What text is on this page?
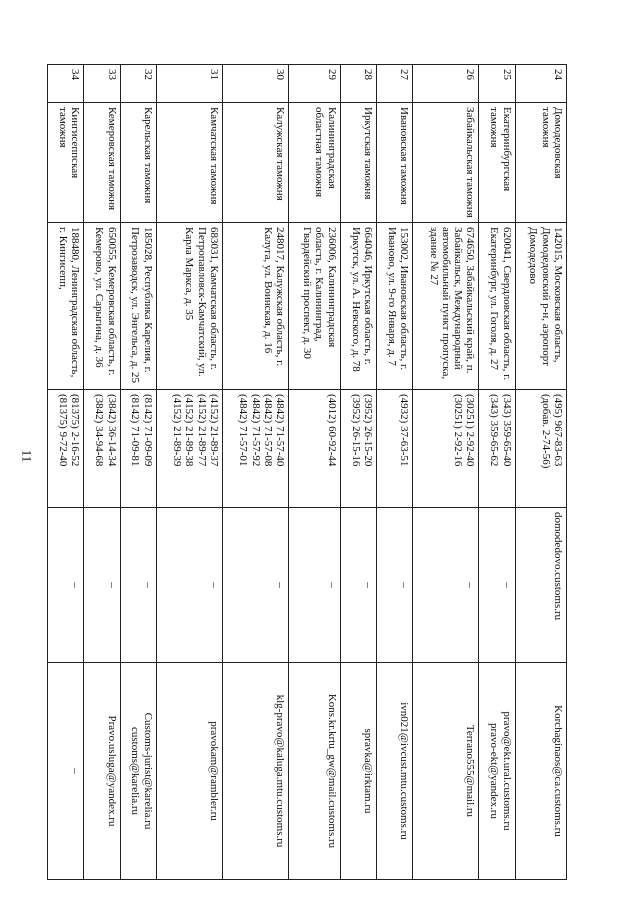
11
24	Домодедовская таможня	142015, Московская область, Домодедовский р-н, аэропорт Домодедово	(495) 967-83-63
(добав. 2-74-56)	domodedovo.customs.ru	Korchaginaos@ca.customs.ru

25	Екатеринбургская таможня	620041, Свердловская область, г. Екатеринбург, ул. Гоголя, д. 27	(343) 359-65-40
(343) 359-65-62	–	pravo@ekt.ural.customs.ru
pravo-ekt@yandex.ru

26	Забайкальская таможня	674650, Забайкальский край, п. Забайкальск, Международный автомобильный пункт пропуска, здание № 27	(30251) 2-92-40
(30251) 2-92-16	–	Terrano555@mail.ru

27	Ивановская таможня	153002, Ивановская область, г. Иваново, ул. 9-го Января, д. 7	(4932) 37-63-51	–	ivn021@ivcust.mtu.customs.ru

28	Иркутская таможня	664046, Иркутская область, г. Иркутск, ул. А. Невского, д. 78	(3952) 26-15-20
(3952) 26-15-16	–	spravka@irktam.ru

29	Калининградская областная таможня	236006, Калининградская область, г. Калининград, Гвардейский проспект, д. 30	(4012) 60-92-44	–	Kons.kr.krtu_gw@mail.customs.ru

30	Калужская таможня	248017, Калужская область, г. Калуга, ул. Воинская, д. 16	(4842) 71-57-40
(4842) 71-57-08
(4842) 71-57-92
(4842) 71-57-01	–	klg-pravo@kaluga.mtu.customs.ru

31	Камчатская таможня	683031, Камчатская область, г. Петропавловск-Камчатский, ул. Карла Маркса, д. 35	(4152) 21-89-37
(4152) 21-89-77
(4152) 21-89-38
(4152) 21-89-39	–	pravokam@rambler.ru

32	Карельская таможня	185028, Республика Карелия, г. Петрозаводск, ул. Энгельса, д. 25	(8142) 71-09-09
(8142) 71-09-81	–	Customs-jurist@karelia.ru
customs@karelia.ru

33	Кемеровская таможня	650055, Кемеровская область, г. Кемерово, ул. Сарыгина, д. 36	(3842) 36-14-34
(3842) 34-94-68	–	Pravo.usluga@yandex.ru

34	Кингисеппская таможня	188480, Ленинградская область, г. Кингисепп,	(81375) 2-16-52
(81375) 9-72-40	–	–
